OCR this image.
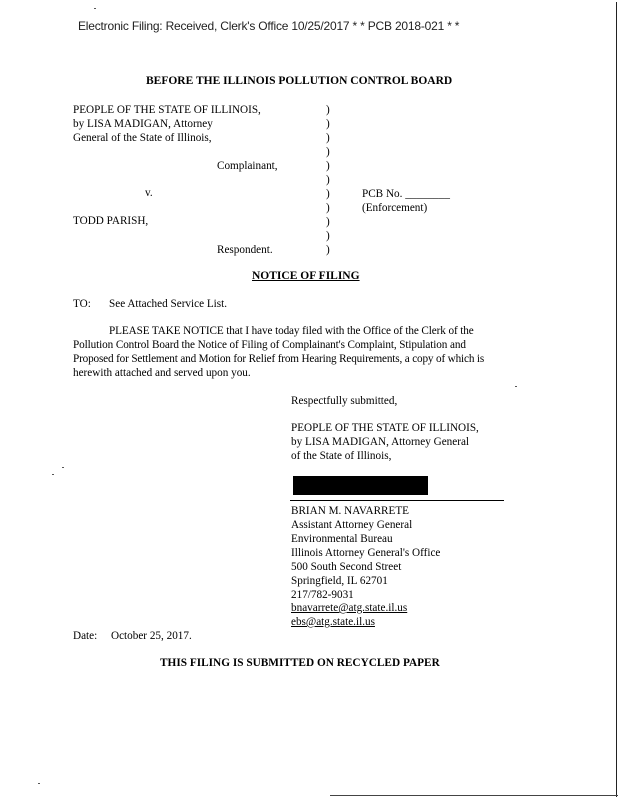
Electronic Filing: Received, Clerk's Office 10/25/2017 * * PCB 2018-021 * *
BEFORE THE ILLINOIS POLLUTION CONTROL BOARD
PEOPLE OF THE STATE OF ILLINOIS,
by LISA MADIGAN, Attorney
General of the State of Illinois,
Complainant,
v.
TODD PARISH,
Respondent.
)
)
)
)
)
)
)
)
)
)
)
PCB No. ________
(Enforcement)
NOTICE OF FILING
TO: See Attached Service List.
PLEASE TAKE NOTICE that I have today filed with the Office of the Clerk of the
Pollution Control Board the Notice of Filing of Complainant's Complaint, Stipulation and
Proposed for Settlement and Motion for Relief from Hearing Requirements, a copy of which is
herewith attached and served upon you.
Respectfully submitted,
PEOPLE OF THE STATE OF ILLINOIS,
by LISA MADIGAN, Attorney General
of the State of Illinois,
BRIAN M. NAVARRETE
Assistant Attorney General
Environmental Bureau
Illinois Attorney General's Office
500 South Second Street
Springfield, IL 62701
217/782-9031
bnavarrete@atg.state.il.us
ebs@atg.state.il.us
Date: October 25, 2017.
THIS FILING IS SUBMITTED ON RECYCLED PAPER
